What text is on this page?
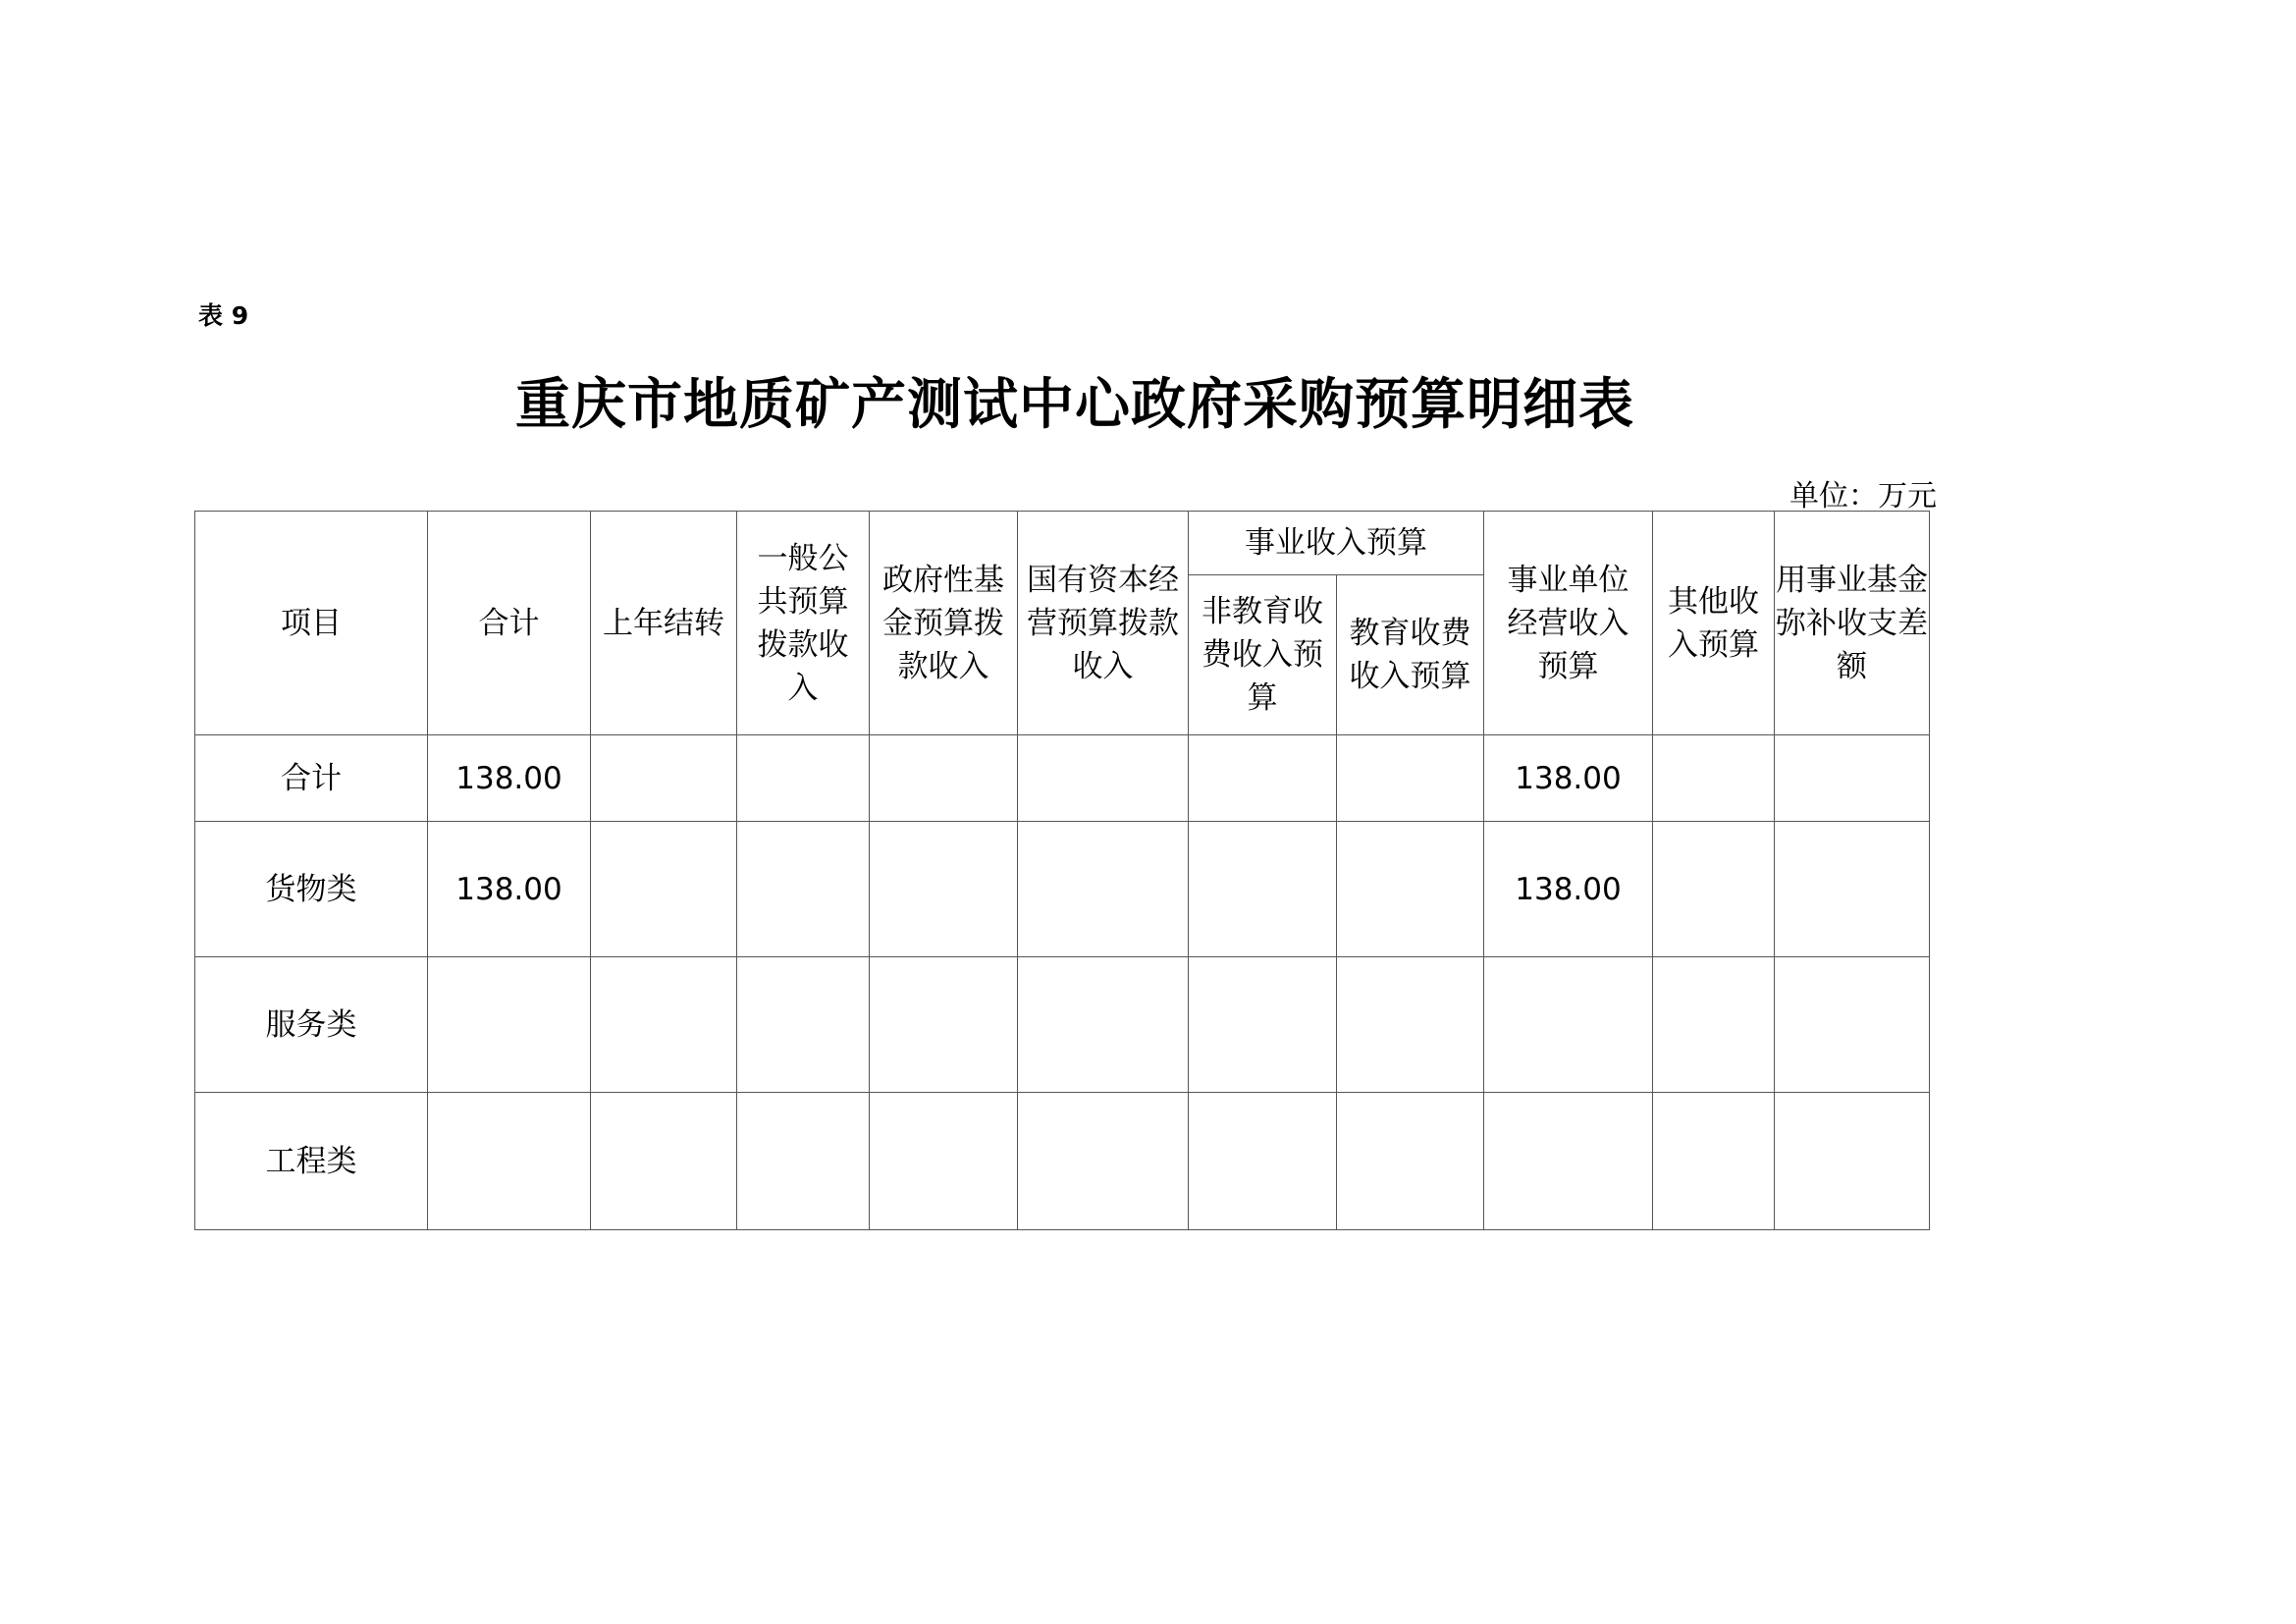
表 9
重庆市地质矿产测试中心政府采购预算明细表
单位：万元
项目	合计	上年结转	一般公共预算拨款收入	政府性基金预算拨款收入	国有资本经营预算拨款收入	事业收入预算		事业单位经营收入预算	其他收入预算	用事业基金弥补收支差额
						非教育收费收入预算	教育收费收入预算			
合计	138.00							138.00		
货物类	138.00							138.00		
服务类										
工程类										
